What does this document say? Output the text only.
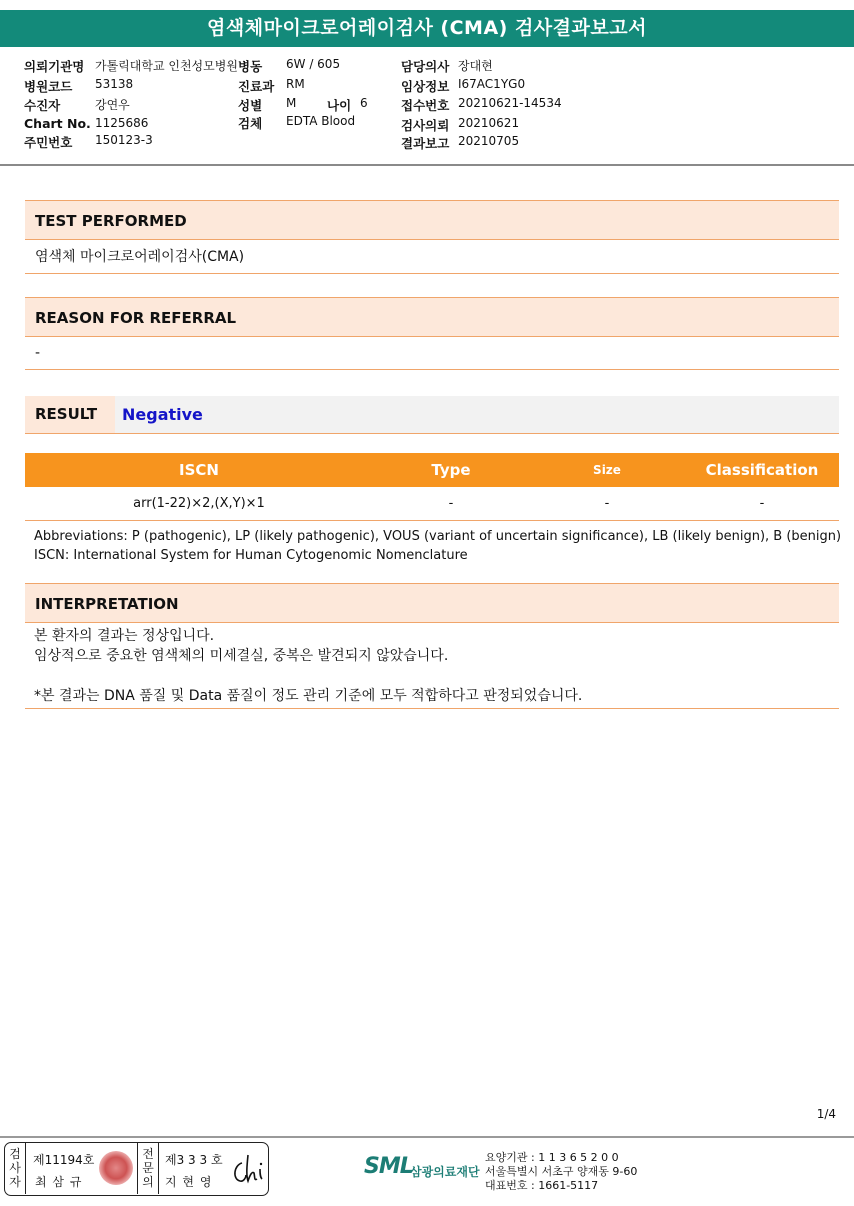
염색체마이크로어레이검사 (CMA) 검사결과보고서
의뢰기관명 가톨릭대학교 인천성모병원 병동 6W / 605	담당의사 장대현
병원코드 53138	진료과 RM	임상정보 I67AC1YG0
수진자	강연우	성별 M 나이 6	접수번호 20210621-14534
Chart No. 1125686	검체 EDTA Blood	검사의뢰 20210621
주민번호 150123-3	결과보고 20210705
TEST PERFORMED
염색체 마이크로어레이검사(CMA)
REASON FOR REFERRAL
-
RESULT	Negative
ISCN	Type	Size	Classification
arr(1-22)×2,(X,Y)×1	-	-	-
Abbreviations: P (pathogenic), LP (likely pathogenic), VOUS (variant of uncertain significance), LB (likely benign), B (benign)
ISCN: International System for Human Cytogenomic Nomenclature
INTERPRETATION
본 환자의 결과는 정상입니다.
임상적으로 중요한 염색체의 미세결실, 중복은 발견되지 않았습니다.
*본 결과는 DNA 품질 및 Data 품질이 정도 관리 기준에 모두 적합하다고 판정되었습니다.
1/4
검사자
제11194호
최 삼 규
전문의
제3 3 3 호
지 현 영
SML
삼광의료재단
요양기관 : 1 1 3 6 5 2 0 0
서울특별시 서초구 양재동 9-60
대표번호 : 1661-5117
